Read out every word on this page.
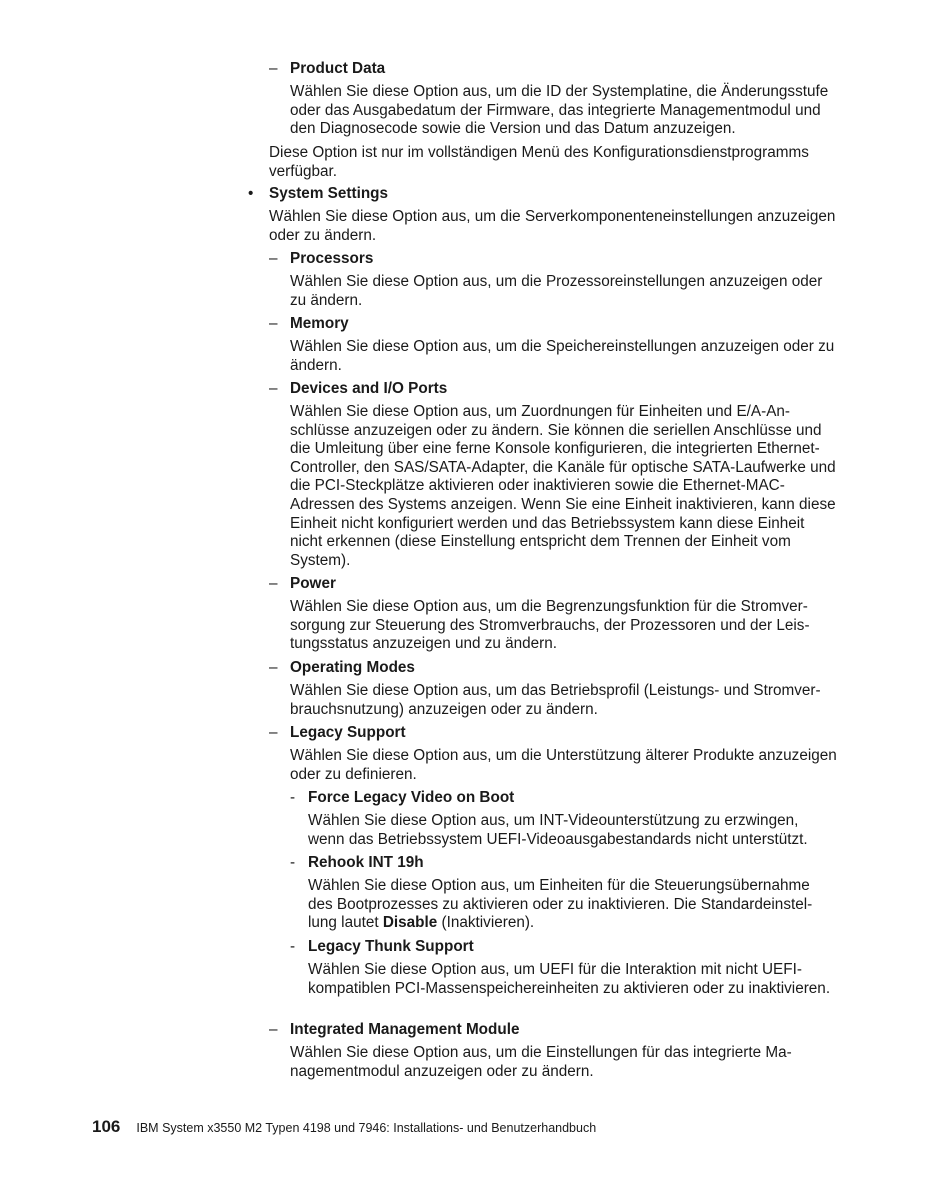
– Product Data

Wählen Sie diese Option aus, um die ID der Systemplatine, die Änderungsstufe oder das Ausgabedatum der Firmware, das integrierte Managementmodul und den Diagnosecode sowie die Version und das Datum anzuzeigen.

Diese Option ist nur im vollständigen Menü des Konfigurationsdienstprogramms verfügbar.

• System Settings

Wählen Sie diese Option aus, um die Serverkomponenteneinstellungen anzuzeigen oder zu ändern.

– Processors

Wählen Sie diese Option aus, um die Prozessoreinstellungen anzuzeigen oder zu ändern.

– Memory

Wählen Sie diese Option aus, um die Speichereinstellungen anzuzeigen oder zu ändern.

– Devices and I/O Ports

Wählen Sie diese Option aus, um Zuordnungen für Einheiten und E/A-Anschlüsse anzuzeigen oder zu ändern. Sie können die seriellen Anschlüsse und die Umleitung über eine ferne Konsole konfigurieren, die integrierten Ethernet-Controller, den SAS/SATA-Adapter, die Kanäle für optische SATA-Laufwerke und die PCI-Steckplätze aktivieren oder inaktivieren sowie die Ethernet-MAC-Adressen des Systems anzeigen. Wenn Sie eine Einheit inaktivieren, kann diese Einheit nicht konfiguriert werden und das Betriebssystem kann diese Einheit nicht erkennen (diese Einstellung entspricht dem Trennen der Einheit vom System).

– Power

Wählen Sie diese Option aus, um die Begrenzungsfunktion für die Stromversorgung zur Steuerung des Stromverbrauchs, der Prozessoren und der Leistungsstatus anzuzeigen und zu ändern.

– Operating Modes

Wählen Sie diese Option aus, um das Betriebsprofil (Leistungs- und Stromverbrauchsnutzung) anzuzeigen oder zu ändern.

– Legacy Support

Wählen Sie diese Option aus, um die Unterstützung älterer Produkte anzuzeigen oder zu definieren.

- Force Legacy Video on Boot

Wählen Sie diese Option aus, um INT-Videounterstützung zu erzwingen, wenn das Betriebssystem UEFI-Videoausgabestandards nicht unterstützt.

- Rehook INT 19h

Wählen Sie diese Option aus, um Einheiten für die Steuerungsübernahme des Bootprozesses zu aktivieren oder zu inaktivieren. Die Standardeinstellung lautet Disable (Inaktivieren).

- Legacy Thunk Support

Wählen Sie diese Option aus, um UEFI für die Interaktion mit nicht UEFI-kompatiblen PCI-Massenspeichereinheiten zu aktivieren oder zu inaktivieren.

– Integrated Management Module

Wählen Sie diese Option aus, um die Einstellungen für das integrierte Managementmodul anzuzeigen oder zu ändern.

106 IBM System x3550 M2 Typen 4198 und 7946: Installations- und Benutzerhandbuch
